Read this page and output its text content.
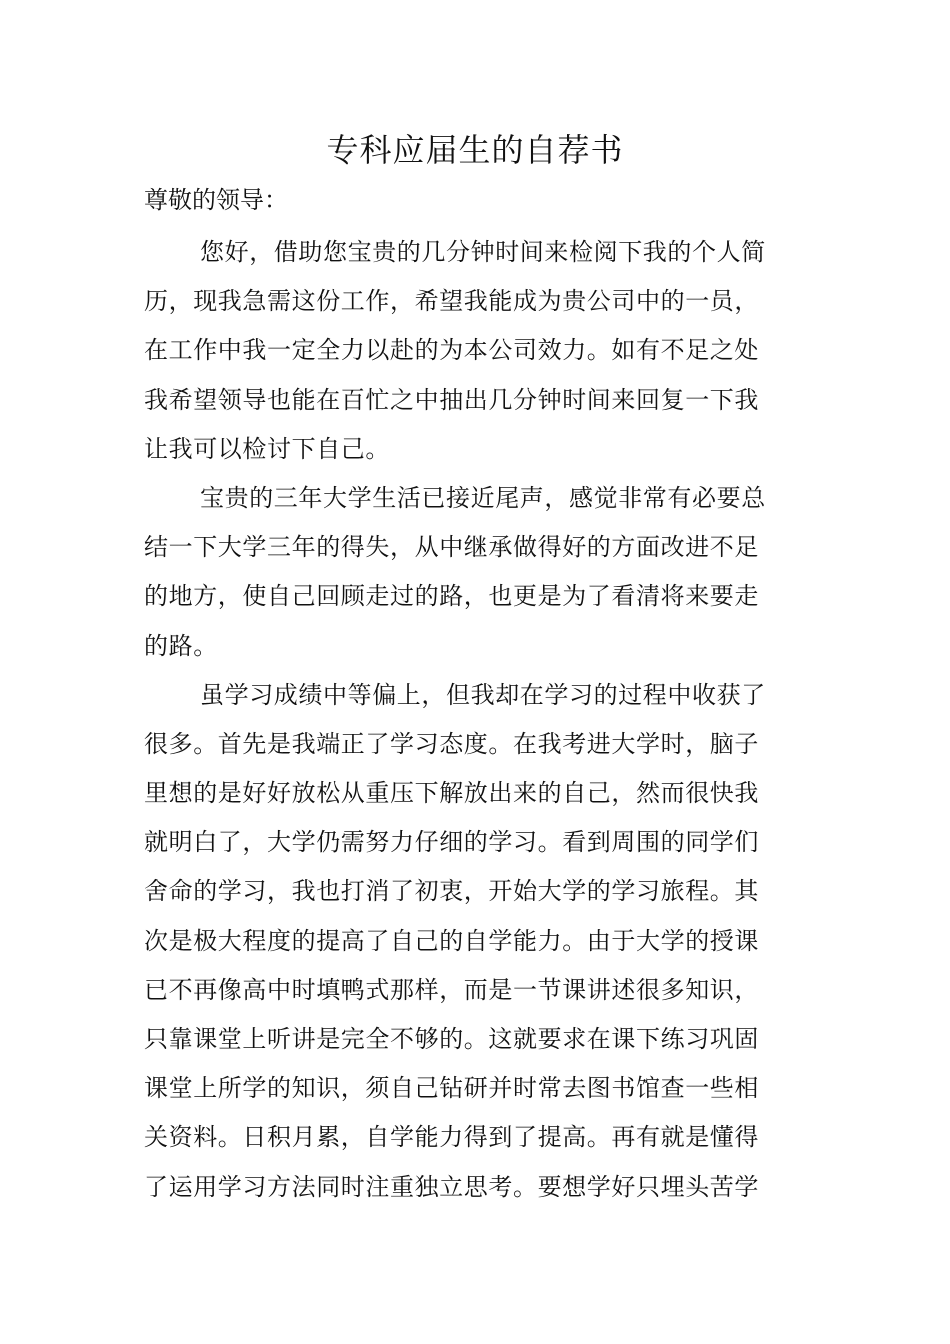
专科应届生的自荐书
尊敬的领导：
您好，借助您宝贵的几分钟时间来检阅下我的个人简
历，现我急需这份工作，希望我能成为贵公司中的一员，
在工作中我一定全力以赴的为本公司效力。如有不足之处
我希望领导也能在百忙之中抽出几分钟时间来回复一下我
让我可以检讨下自己。
宝贵的三年大学生活已接近尾声，感觉非常有必要总
结一下大学三年的得失，从中继承做得好的方面改进不足
的地方，使自己回顾走过的路，也更是为了看清将来要走
的路。
虽学习成绩中等偏上，但我却在学习的过程中收获了
很多。首先是我端正了学习态度。在我考进大学时，脑子
里想的是好好放松从重压下解放出来的自己，然而很快我
就明白了，大学仍需努力仔细的学习。看到周围的同学们
舍命的学习，我也打消了初衷，开始大学的学习旅程。其
次是极大程度的提高了自己的自学能力。由于大学的授课
已不再像高中时填鸭式那样，而是一节课讲述很多知识，
只靠课堂上听讲是完全不够的。这就要求在课下练习巩固
课堂上所学的知识，须自己钻研并时常去图书馆查一些相
关资料。日积月累，自学能力得到了提高。再有就是懂得
了运用学习方法同时注重独立思考。要想学好只埋头苦学
